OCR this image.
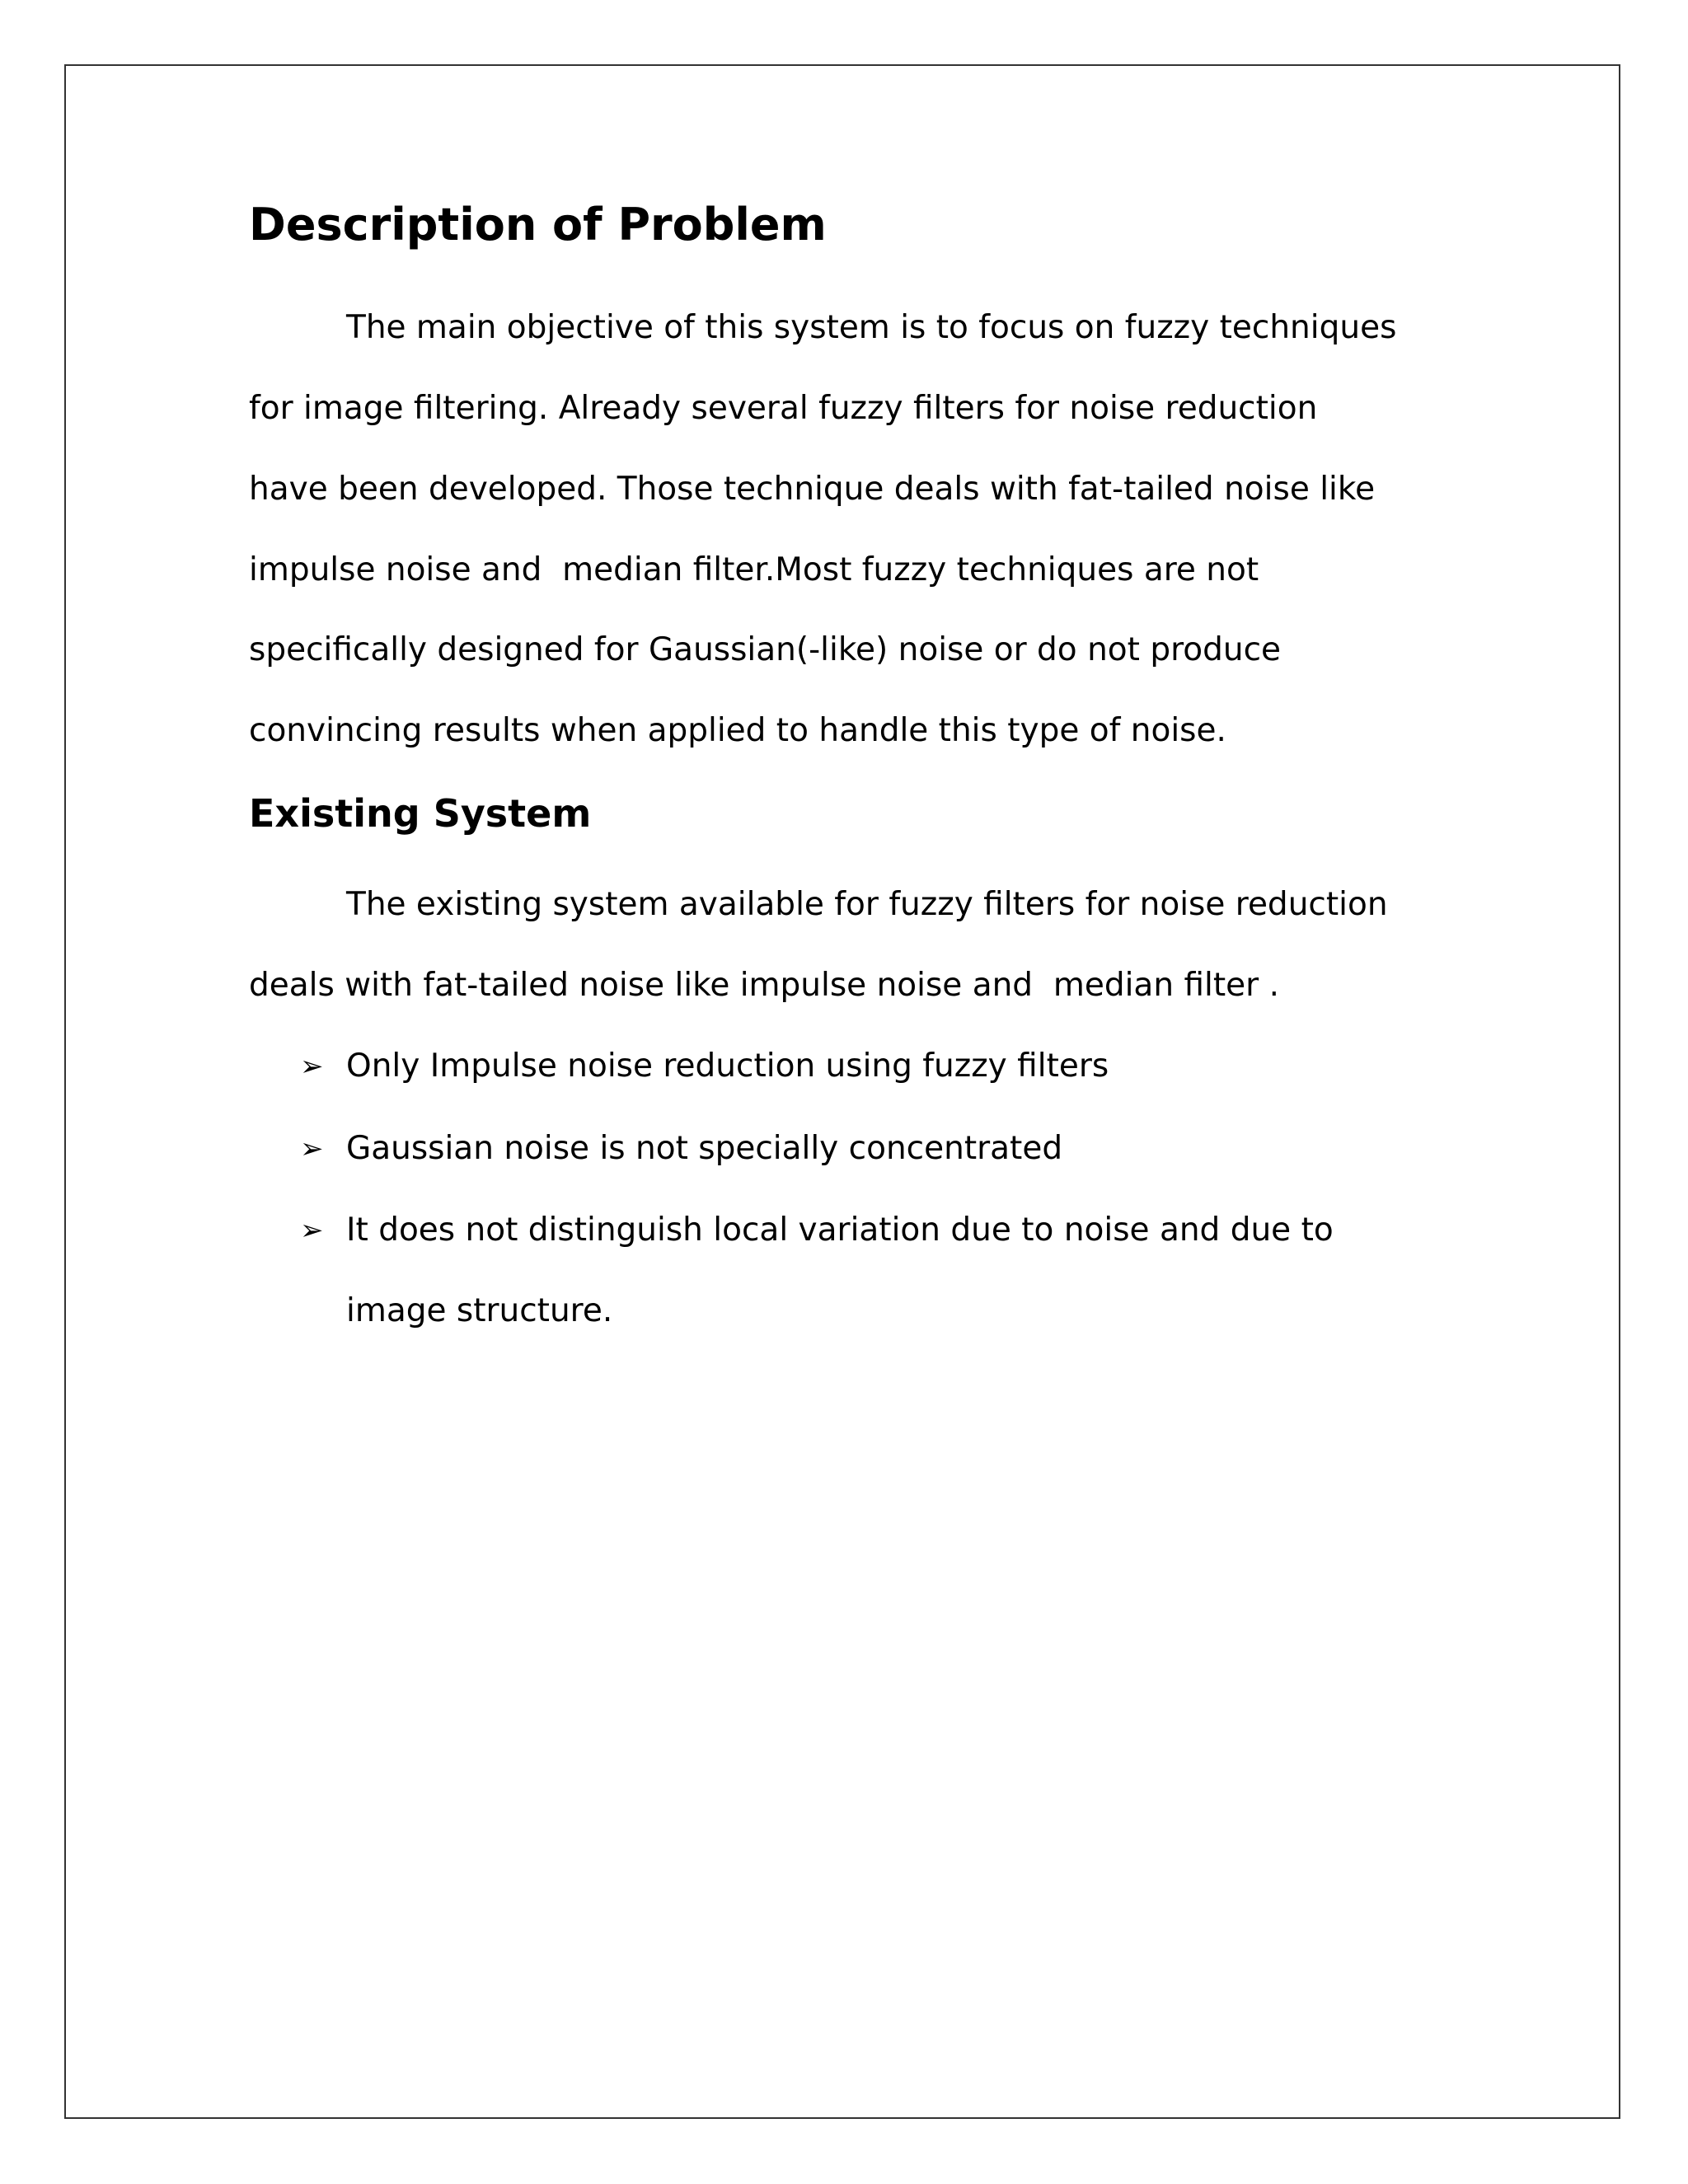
Description of Problem
The main objective of this system is to focus on fuzzy techniques
for image filtering. Already several fuzzy filters for noise reduction
have been developed. Those technique deals with fat-tailed noise like
impulse noise and  median filter.Most fuzzy techniques are not
specifically designed for Gaussian(-like) noise or do not produce
convincing results when applied to handle this type of noise.
Existing System
The existing system available for fuzzy filters for noise reduction
deals with fat-tailed noise like impulse noise and  median filter .
➢ Only Impulse noise reduction using fuzzy filters
➢ Gaussian noise is not specially concentrated
➢ It does not distinguish local variation due to noise and due to
image structure.
